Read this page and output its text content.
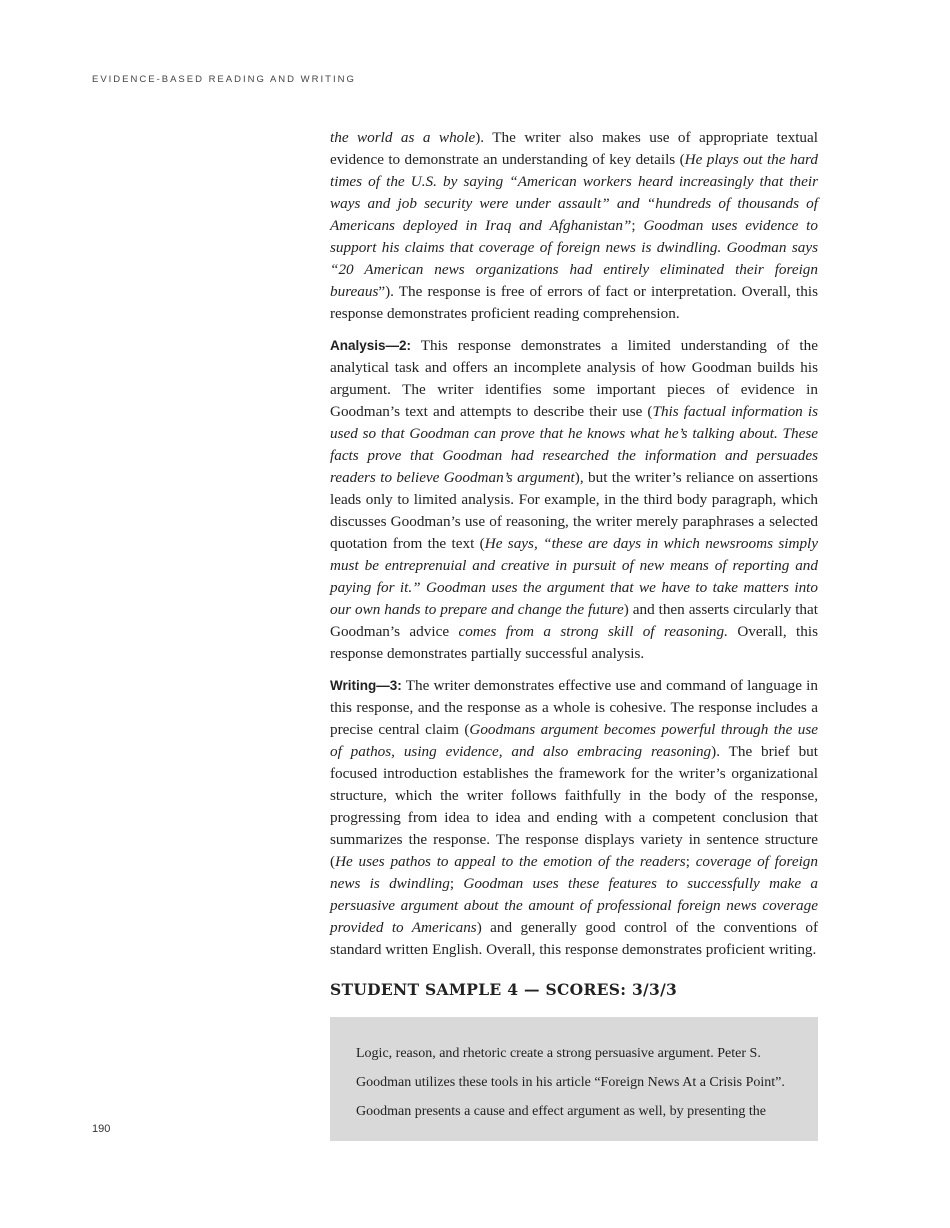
EVIDENCE-BASED READING AND WRITING

the world as a whole). The writer also makes use of appropriate textual evidence to demonstrate an understanding of key details (He plays out the hard times of the U.S. by saying “American workers heard increasingly that their ways and job security were under assault” and “hundreds of thousands of Americans deployed in Iraq and Afghanistan”; Goodman uses evidence to support his claims that coverage of foreign news is dwindling. Goodman says “20 American news organizations had entirely eliminated their foreign bureaus”). The response is free of errors of fact or interpretation. Overall, this response demonstrates proficient reading comprehension.

Analysis—2: This response demonstrates a limited understanding of the analytical task and offers an incomplete analysis of how Goodman builds his argument. The writer identifies some important pieces of evidence in Goodman’s text and attempts to describe their use (This factual information is used so that Goodman can prove that he knows what he’s talking about. These facts prove that Goodman had researched the information and persuades readers to believe Goodman’s argument), but the writer’s reliance on assertions leads only to limited analysis. For example, in the third body paragraph, which discusses Goodman’s use of reasoning, the writer merely paraphrases a selected quotation from the text (He says, “these are days in which newsrooms simply must be entreprenuial and creative in pursuit of new means of reporting and paying for it.” Goodman uses the argument that we have to take matters into our own hands to prepare and change the future) and then asserts circularly that Goodman’s advice comes from a strong skill of reasoning. Overall, this response demonstrates partially successful analysis.

Writing—3: The writer demonstrates effective use and command of language in this response, and the response as a whole is cohesive. The response includes a precise central claim (Goodmans argument becomes powerful through the use of pathos, using evidence, and also embracing reasoning). The brief but focused introduction establishes the framework for the writer’s organizational structure, which the writer follows faithfully in the body of the response, progressing from idea to idea and ending with a competent conclusion that summarizes the response. The response displays variety in sentence structure (He uses pathos to appeal to the emotion of the readers; coverage of foreign news is dwindling; Goodman uses these features to successfully make a persuasive argument about the amount of professional foreign news coverage provided to Americans) and generally good control of the conventions of standard written English. Overall, this response demonstrates proficient writing.

STUDENT SAMPLE 4 — SCORES: 3/3/3
Logic, reason, and rhetoric create a strong persuasive argument. Peter S. Goodman utilizes these tools in his article “Foreign News At a Crisis Point”. Goodman presents a cause and effect argument as well, by presenting the
190
